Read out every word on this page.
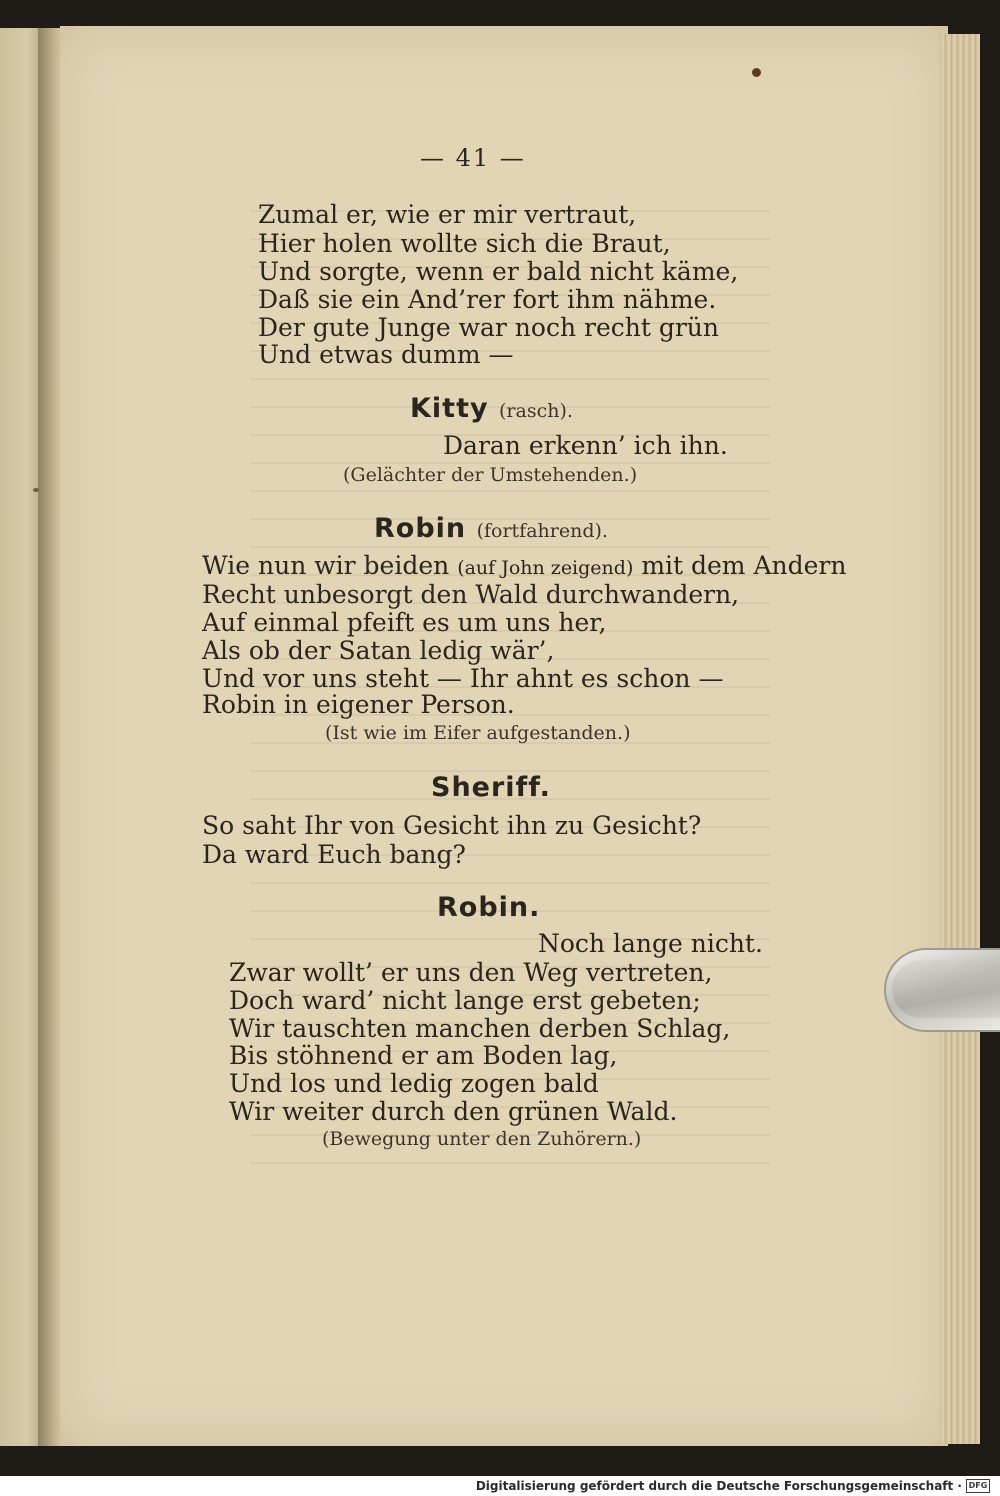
— 41 —
Zumal er, wie er mir vertraut,
Hier holen wollte sich die Braut,
Und sorgte, wenn er bald nicht käme,
Daß sie ein And’rer fort ihm nähme.
Der gute Junge war noch recht grün
Und etwas dumm —
Kitty (rasch).
Daran erkenn’ ich ihn.
(Gelächter der Umstehenden.)
Robin (fortfahrend).
Wie nun wir beiden (auf John zeigend) mit dem Andern
Recht unbesorgt den Wald durchwandern,
Auf einmal pfeift es um uns her,
Als ob der Satan ledig wär’,
Und vor uns steht — Ihr ahnt es schon —
Robin in eigener Person.
(Ist wie im Eifer aufgestanden.)
Sheriff.
So saht Ihr von Gesicht ihn zu Gesicht?
Da ward Euch bang?
Robin.
Noch lange nicht.
Zwar wollt’ er uns den Weg vertreten,
Doch ward’ nicht lange erst gebeten;
Wir tauschten manchen derben Schlag,
Bis stöhnend er am Boden lag,
Und los und ledig zogen bald
Wir weiter durch den grünen Wald.
(Bewegung unter den Zuhörern.)
Digitalisierung gefördert durch die Deutsche Forschungsgemeinschaft · DFG
